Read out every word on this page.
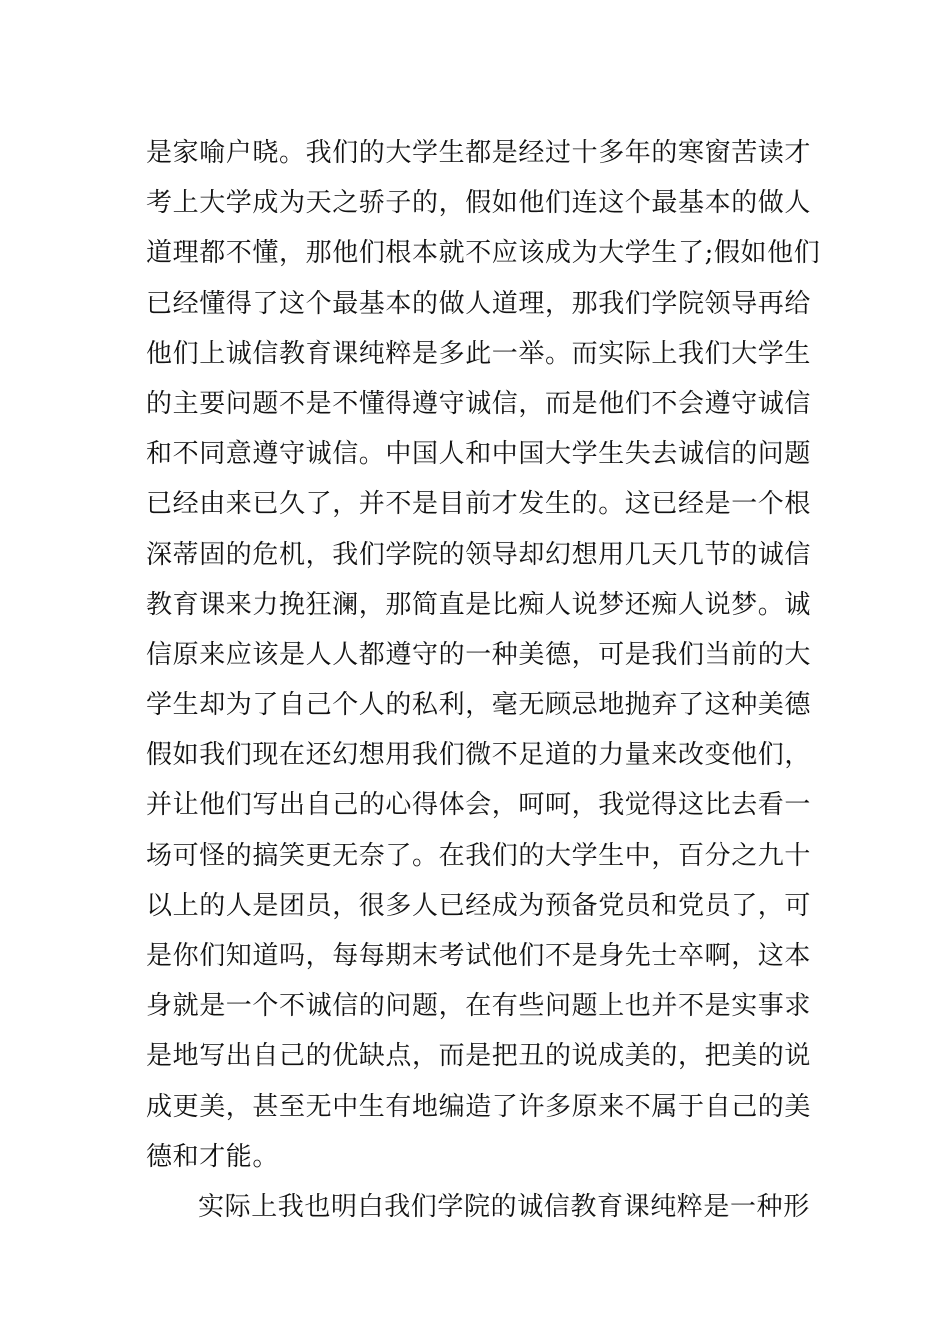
是家喻户晓。我们的大学生都是经过十多年的寒窗苦读才
考上大学成为天之骄子的，假如他们连这个最基本的做人
道理都不懂，那他们根本就不应该成为大学生了;假如他们
已经懂得了这个最基本的做人道理，那我们学院领导再给
他们上诚信教育课纯粹是多此一举。而实际上我们大学生
的主要问题不是不懂得遵守诚信，而是他们不会遵守诚信
和不同意遵守诚信。中国人和中国大学生失去诚信的问题
已经由来已久了，并不是目前才发生的。这已经是一个根
深蒂固的危机，我们学院的领导却幻想用几天几节的诚信
教育课来力挽狂澜，那简直是比痴人说梦还痴人说梦。诚
信原来应该是人人都遵守的一种美德，可是我们当前的大
学生却为了自己个人的私利，毫无顾忌地抛弃了这种美德
假如我们现在还幻想用我们微不足道的力量来改变他们，
并让他们写出自己的心得体会，呵呵，我觉得这比去看一
场可怪的搞笑更无奈了。在我们的大学生中，百分之九十
以上的人是团员，很多人已经成为预备党员和党员了，可
是你们知道吗，每每期末考试他们不是身先士卒啊，这本
身就是一个不诚信的问题，在有些问题上也并不是实事求
是地写出自己的优缺点，而是把丑的说成美的，把美的说
成更美，甚至无中生有地编造了许多原来不属于自己的美
德和才能。
实际上我也明白我们学院的诚信教育课纯粹是一种形
